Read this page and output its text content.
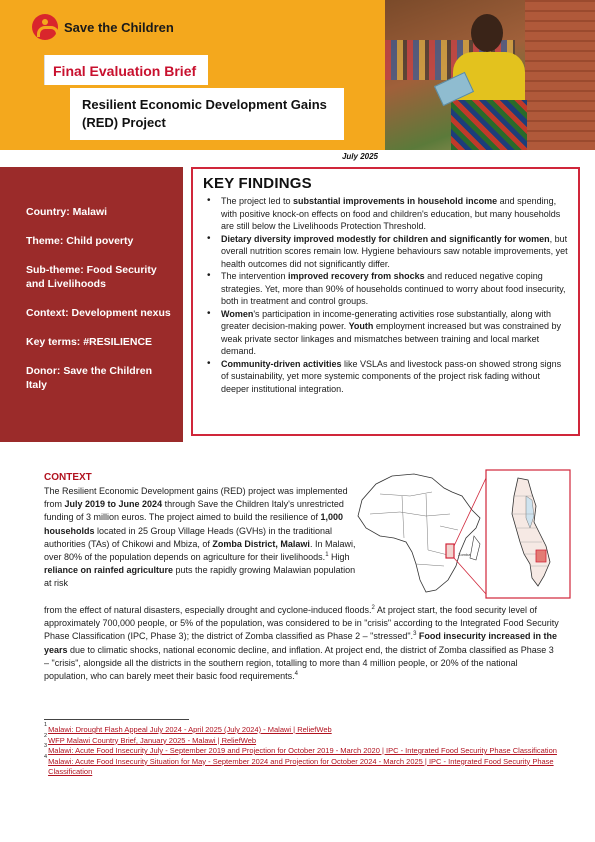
Save the Children
Final Evaluation Brief
Resilient Economic Development Gains
(RED) Project
July 2025
Country: Malawi
Theme: Child poverty
Sub-theme: Food Security and Livelihoods
Context: Development nexus
Key terms: #RESILIENCE
Donor: Save the Children Italy
KEY FINDINGS
• The project led to substantial improvements in household income and spending, with positive knock-on effects on food and children's education, but many households are still below the Livelihoods Protection Threshold.
• Dietary diversity improved modestly for children and significantly for women, but overall nutrition scores remain low. Hygiene behaviours saw notable improvements, yet health outcomes did not significantly differ.
• The intervention improved recovery from shocks and reduced negative coping strategies. Yet, more than 90% of households continued to worry about food insecurity, both in treatment and control groups.
• Women's participation in income-generating activities rose substantially, along with greater decision-making power. Youth employment increased but was constrained by weak private sector linkages and mismatches between training and local market demand.
• Community-driven activities like VSLAs and livestock pass-on showed strong signs of sustainability, yet more systemic components of the project risk fading without deeper institutional integration.
CONTEXT
The Resilient Economic Development gains (RED) project was implemented from July 2019 to June 2024 through Save the Children Italy's unrestricted funding of 3 million euros. The project aimed to build the resilience of 1,000 households located in 25 Group Village Heads (GVHs) in the traditional authorities (TAs) of Chikowi and Mbiza, of Zomba District, Malawi. In Malawi, over 80% of the population depends on agriculture for their livelihoods.$^1$ High reliance on rainfed agriculture puts the rapidly growing Malawian population at risk
from the effect of natural disasters, especially drought and cyclone-induced floods.$^2$ At project start, the food security level of approximately 700,000 people, or 5% of the population, was considered to be in "crisis" according to the Integrated Food Security Phase Classification (IPC, Phase 3); the district of Zomba classified as Phase 2 – "stressed".$^3$ Food insecurity increased in the years due to climatic shocks, national economic decline, and inflation. At project end, the district of Zomba classified as Phase 3 – "crisis", alongside all the districts in the southern region, totalling to more than 4 million people, or 20% of the national population, who can barely meet their basic food requirements.$^4$
Zomba
1 Malawi: Drought Flash Appeal July 2024 - April 2025 (July 2024) - Malawi | ReliefWeb
2 WFP Malawi Country Brief, January 2025 - Malawi | ReliefWeb
3 Malawi: Acute Food Insecurity July - September 2019 and Projection for October 2019 - March 2020 | IPC - Integrated Food Security Phase Classification
4 Malawi: Acute Food Insecurity Situation for May - September 2024 and Projection for October 2024 - March 2025 | IPC - Integrated Food Security Phase Classification
